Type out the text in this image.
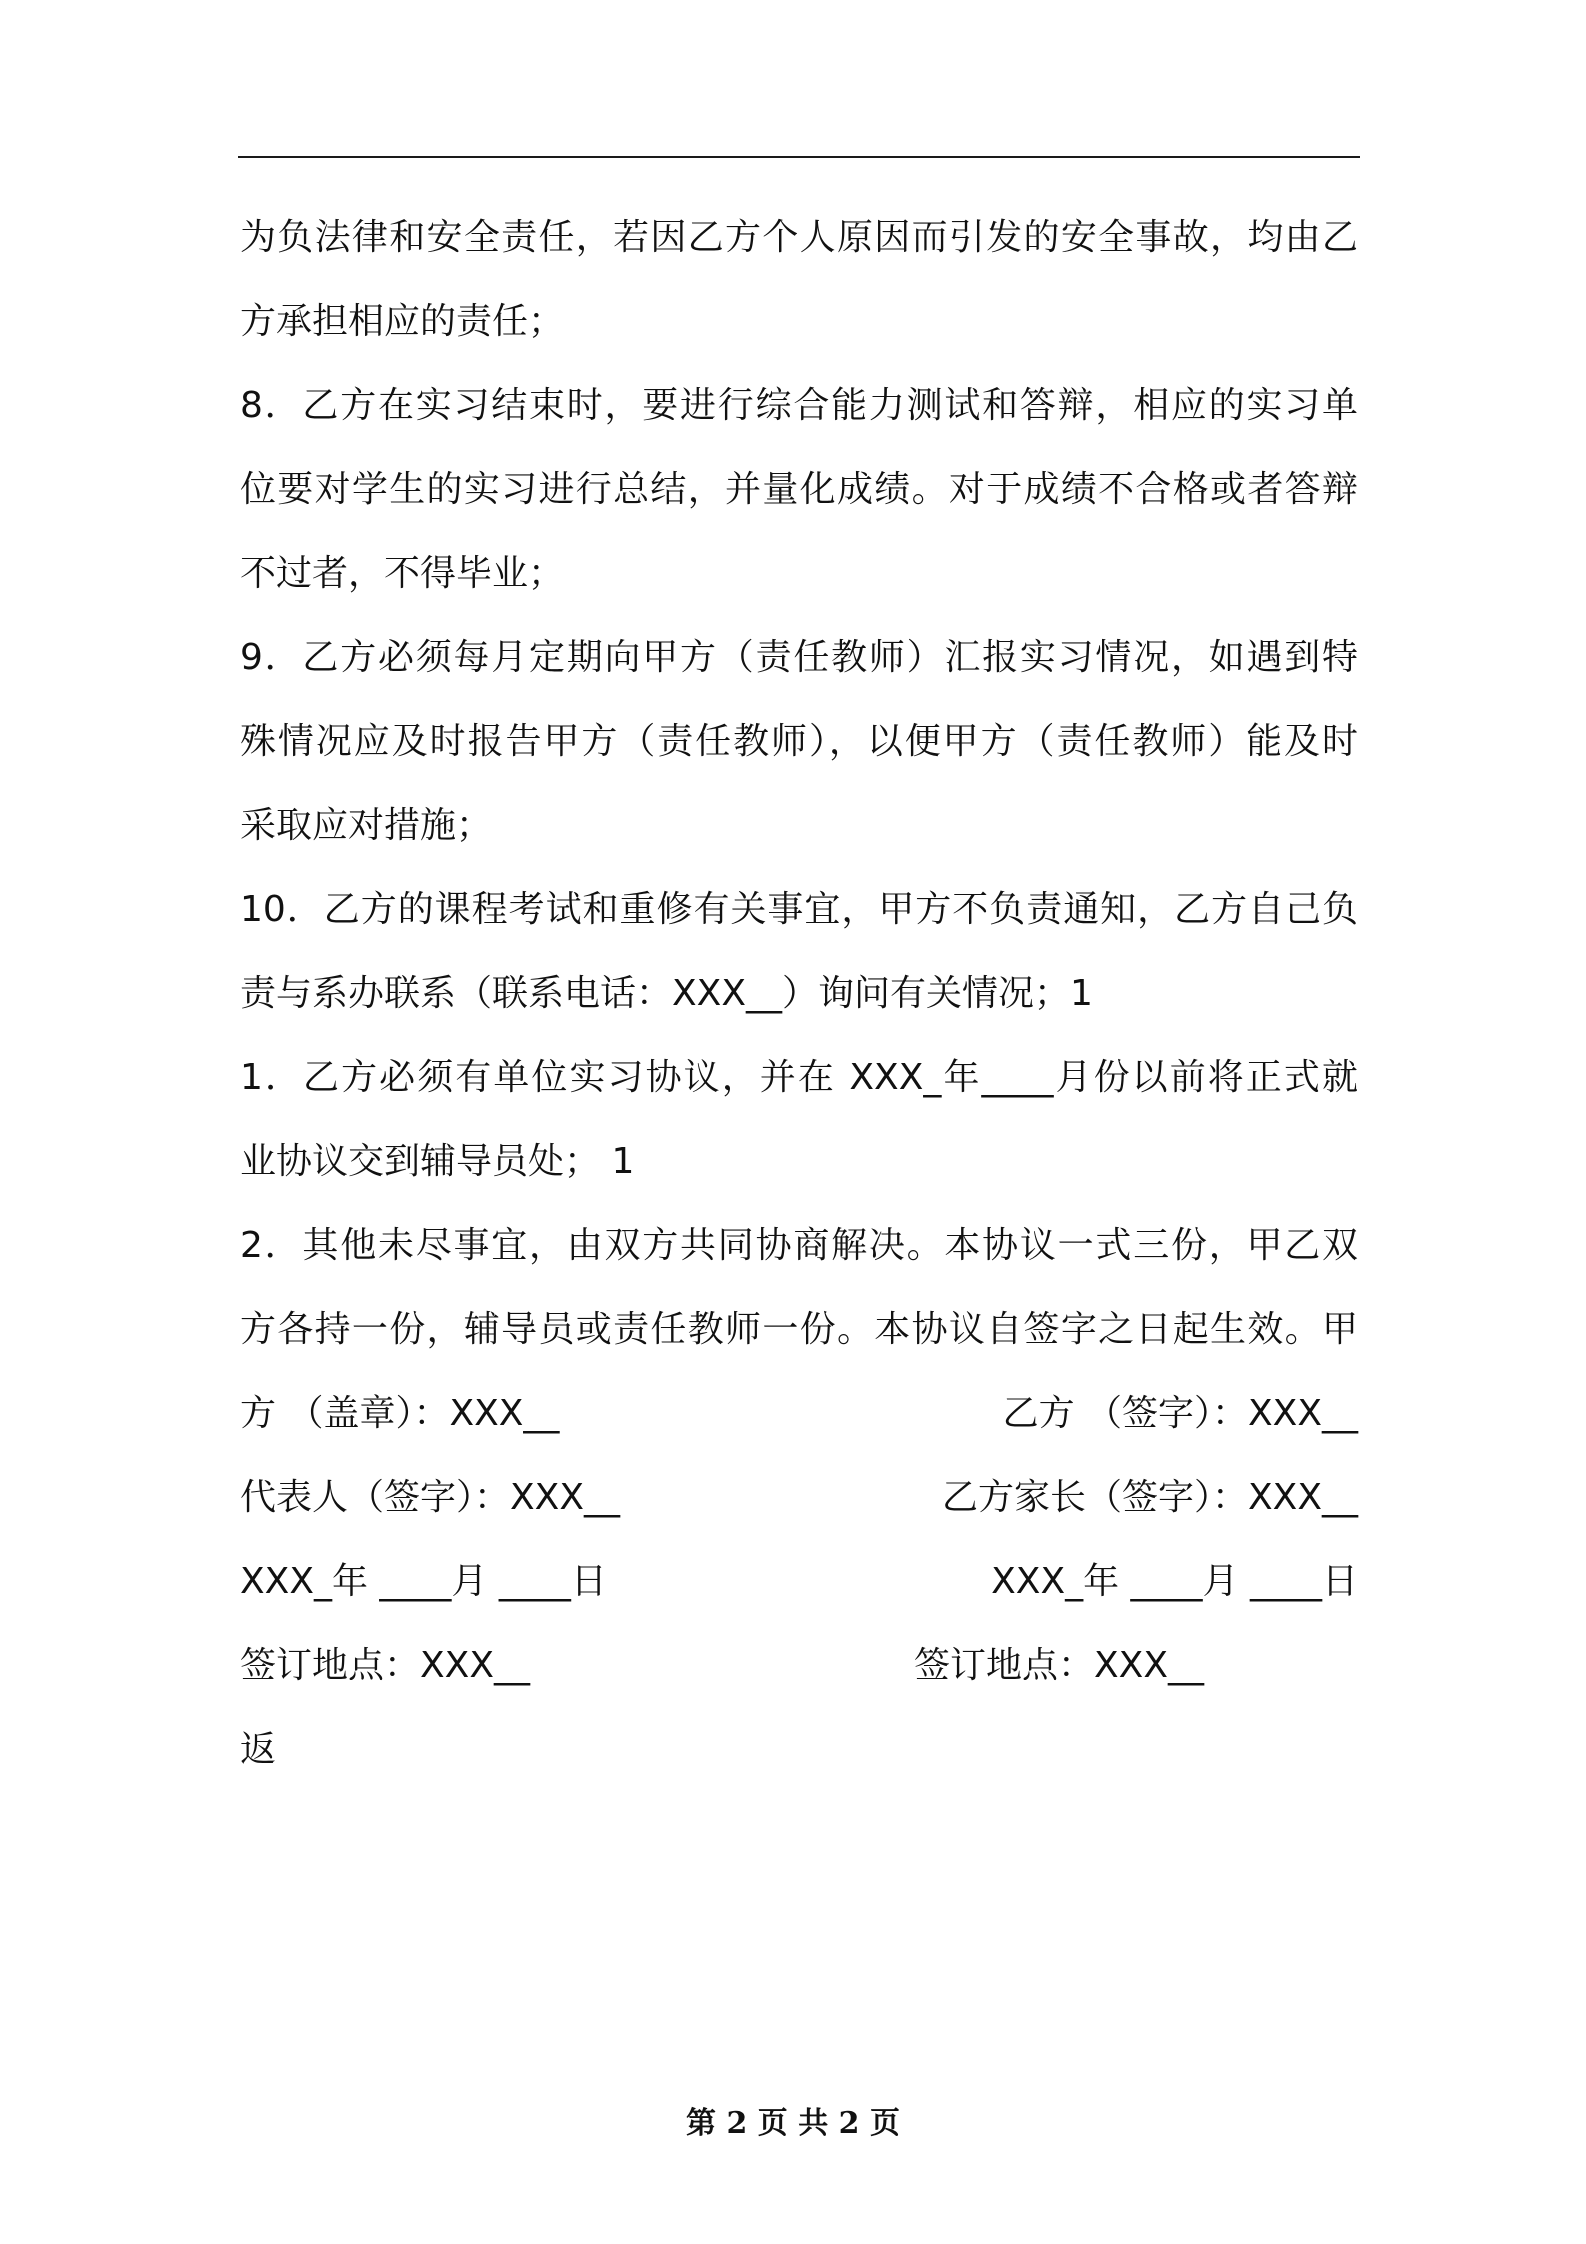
为负法律和安全责任，若因乙方个人原因而引发的安全事故，均由乙
方承担相应的责任；
8．乙方在实习结束时，要进行综合能力测试和答辩，相应的实习单
位要对学生的实习进行总结，并量化成绩。对于成绩不合格或者答辩
不过者，不得毕业；
9．乙方必须每月定期向甲方（责任教师）汇报实习情况，如遇到特
殊情况应及时报告甲方（责任教师），以便甲方（责任教师）能及时
采取应对措施；
10．乙方的课程考试和重修有关事宜，甲方不负责通知，乙方自己负
责与系办联系（联系电话：XXX__）询问有关情况；1
1．乙方必须有单位实习协议，并在 XXX_年____月份以前将正式就
业协议交到辅导员处； 1
2．其他未尽事宜，由双方共同协商解决。本协议一式三份，甲乙双
方各持一份，辅导员或责任教师一份。本协议自签字之日起生效。甲
方 （盖章）：XXX__	乙方 （签字）：XXX__
代表人（签字）：XXX__	乙方家长（签字）：XXX__
XXX_年 ____月 ____日	XXX_年 ____月 ____日
签订地点：XXX__	签订地点：XXX__
返
第 2 页 共 2 页
